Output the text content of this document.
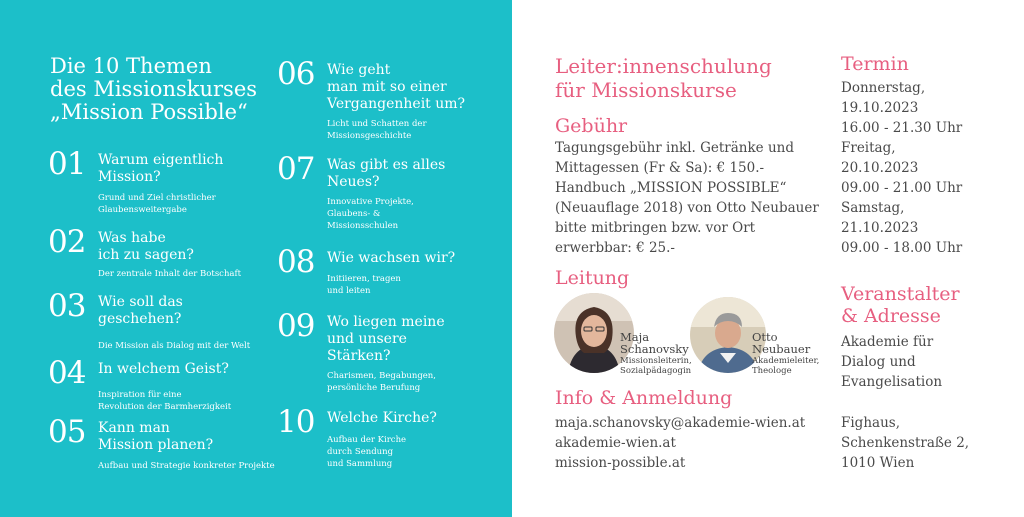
Die 10 Themen
des Missionskurses
„Mission Possible“
01 Warum eigentlich
Mission?
Grund und Ziel christlicher
Glaubensweitergabe
02 Was habe
ich zu sagen?
Der zentrale Inhalt der Botschaft
03 Wie soll das
geschehen?
Die Mission als Dialog mit der Welt
04 In welchem Geist?
Inspiration für eine
Revolution der Barmherzigkeit
05 Kann man
Mission planen?
Aufbau und Strategie konkreter Projekte
06 Wie geht
man mit so einer
Vergangenheit um?
Licht und Schatten der
Missionsgeschichte
07 Was gibt es alles
Neues?
Innovative Projekte,
Glaubens- &
Missionsschulen
08 Wie wachsen wir?
Initiieren, tragen
und leiten
09 Wo liegen meine
und unsere
Stärken?
Charismen, Begabungen,
persönliche Berufung
10 Welche Kirche?
Aufbau der Kirche
durch Sendung
und Sammlung
Leiter:innenschulung
für Missionskurse
Gebühr
Tagungsgebühr inkl. Getränke und
Mittagessen (Fr & Sa): € 150.-
Handbuch „MISSION POSSIBLE“
(Neuauflage 2018) von Otto Neubauer
bitte mitbringen bzw. vor Ort
erwerbbar: € 25.-
Leitung
Maja
Schanovsky
Missionsleiterin,
Sozialpädagogin
Otto
Neubauer
Akademieleiter,
Theologe
Info & Anmeldung
maja.schanovsky@akademie-wien.at
akademie-wien.at
mission-possible.at
Termin
Donnerstag,
19.10.2023
16.00 - 21.30 Uhr
Freitag,
20.10.2023
09.00 - 21.00 Uhr
Samstag,
21.10.2023
09.00 - 18.00 Uhr
Veranstalter
& Adresse
Akademie für
Dialog und
Evangelisation
Fighaus,
Schenkenstraße 2,
1010 Wien
